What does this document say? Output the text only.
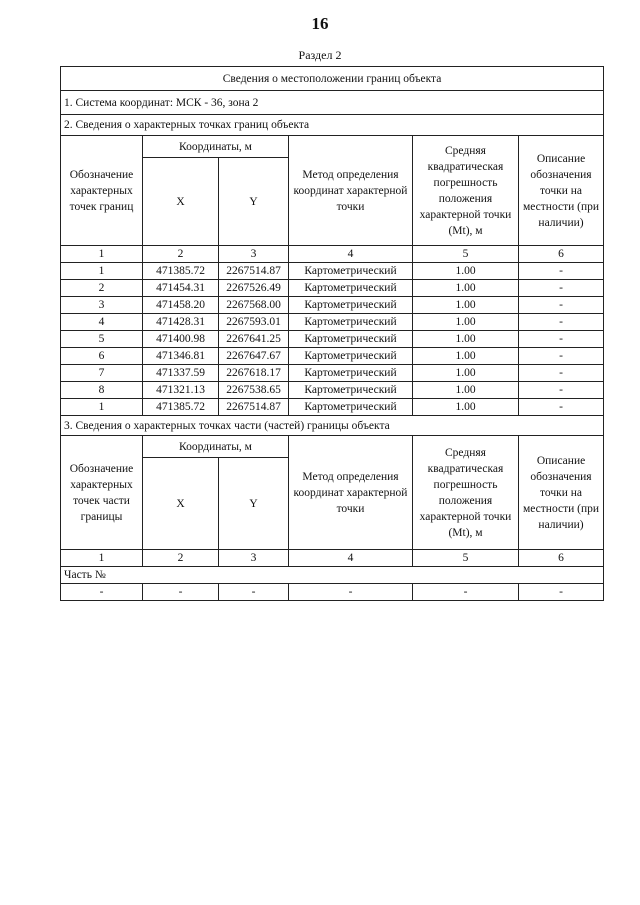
16
Раздел 2
Сведения о местоположении границ объекта					
1. Система координат: МСК - 36, зона 2					
2. Сведения о характерных точках границ объекта					
Обозначение характерных точек границ	Координаты, м		Метод определения координат характерной точки	Средняя квадратическая погрешность положения характерной точки (Mt), м	Описание обозначения точки на местности (при наличии)
	X	Y			
1	2	3	4	5	6
1	471385.72	2267514.87	Картометрический	1.00	-
2	471454.31	2267526.49	Картометрический	1.00	-
3	471458.20	2267568.00	Картометрический	1.00	-
4	471428.31	2267593.01	Картометрический	1.00	-
5	471400.98	2267641.25	Картометрический	1.00	-
6	471346.81	2267647.67	Картометрический	1.00	-
7	471337.59	2267618.17	Картометрический	1.00	-
8	471321.13	2267538.65	Картометрический	1.00	-
1	471385.72	2267514.87	Картометрический	1.00	-
3. Сведения о характерных точках части (частей) границы объекта					
Обозначение характерных точек части границы	Координаты, м		Метод определения координат характерной точки	Средняя квадратическая погрешность положения характерной точки (Mt), м	Описание обозначения точки на местности (при наличии)
	X	Y			
1	2	3	4	5	6
Часть №					
-	-	-	-	-	-
